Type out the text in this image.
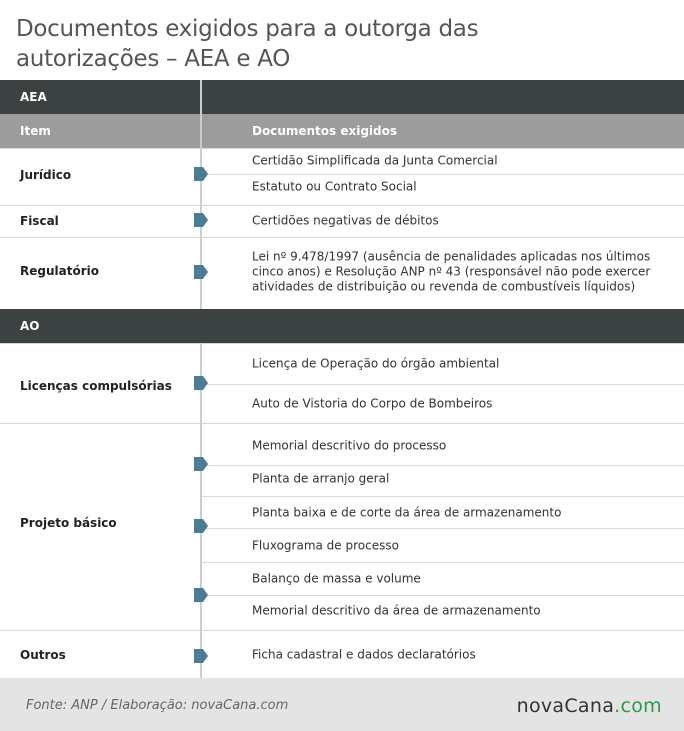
Documentos exigidos para a outorga das autorizações – AEA e AO
AEA
Item	Documentos exigidos
AO
Jurídico
Fiscal
Regulatório
Certidão Simplificada da Junta Comercial
Estatuto ou Contrato Social
Certidões negativas de débitos
Lei nº 9.478/1997 (ausência de penalidades aplicadas nos últimos cinco anos) e Resolução ANP nº 43 (responsável não pode exercer atividades de distribuição ou revenda de combustíveis líquidos)
Licenças compulsórias
Projeto básico
Outros
Licença de Operação do órgão ambiental
Auto de Vistoria do Corpo de Bombeiros
Memorial descritivo do processo
Planta de arranjo geral
Planta baixa e de corte da área de armazenamento
Fluxograma de processo
Balanço de massa e volume
Memorial descritivo da área de armazenamento
Ficha cadastral e dados declaratórios
Fonte: ANP / Elaboração: novaCana.com	novaCana.com
